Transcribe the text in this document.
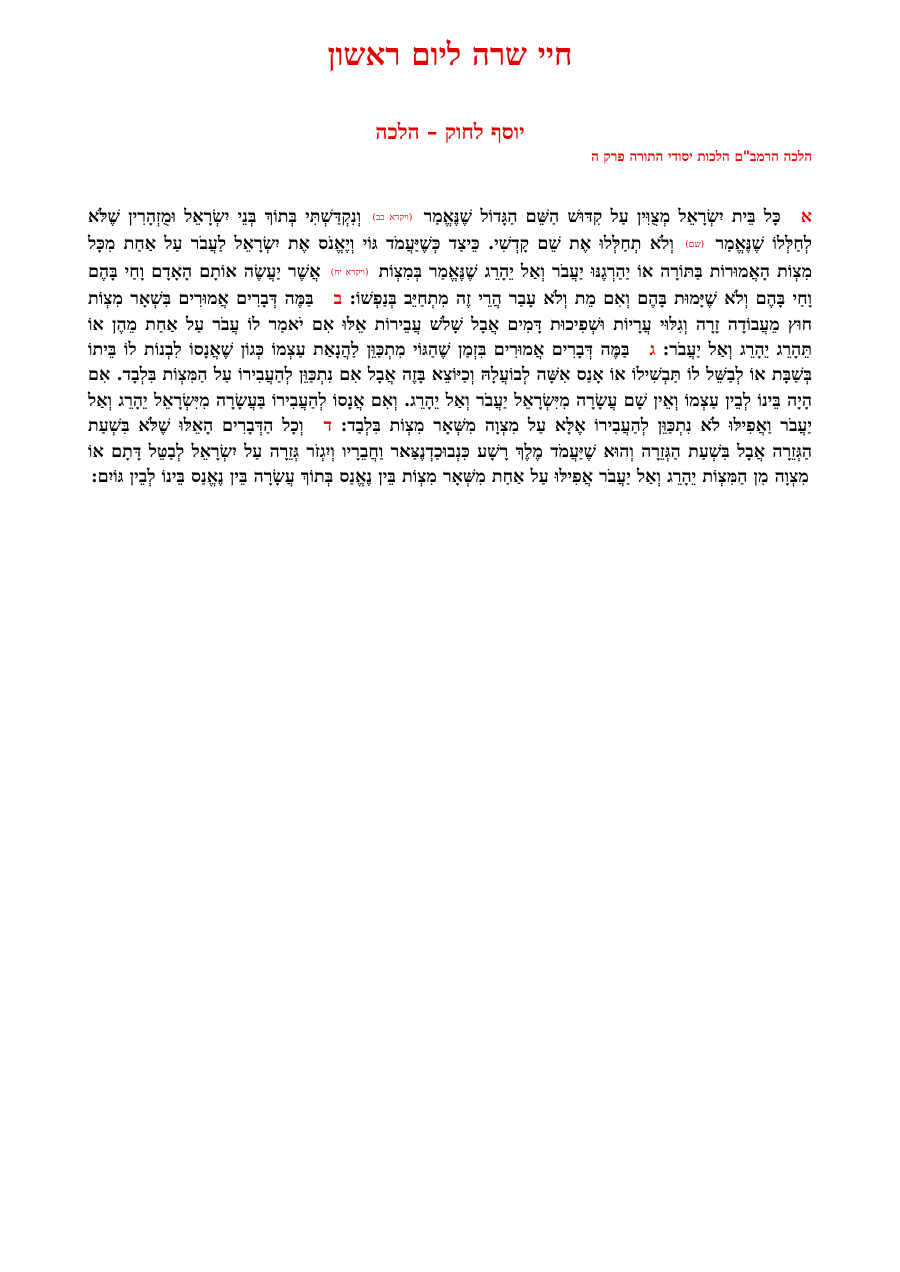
חיי שרה ליום ראשון
יוסף לחוק – הלכה
הלכה הרמב"ם הלכות יסודי התורה פרק ה
אכָּל בֵּית יִשְׂרָאֵל מְצֻוִּין עַל קִדּוּשׁ הַשֵּׁם הַגָּדוֹל שֶׁנֶּאֱמַר (ויקרא כב) וְנִקְדַּשְׁתִּי בְּתוֹךְ בְּנֵי יִשְׂרָאֵל וּמֻזְהָרִין שֶׁלֹּא לְחַלְּלוֹ שֶׁנֶּאֱמַר (שם) וְלֹא תְחַלְּלוּ אֶת שֵׁם קָדְשִׁי. כֵּיצַד כְּשֶׁיַּעֲמֹד גּוֹי וְיֶאֱנֹס אֶת יִשְׂרָאֵל לַעֲבֹר עַל אַחַת מִכָּל מִצְוֹת הָאֲמוּרוֹת בַּתּוֹרָה אוֹ יַהַרְגֶנּוּ יַעֲבֹר וְאַל יֵהָרֵג שֶׁנֶּאֱמַר בְּמִצְוֹת (ויקרא יח) אֲשֶׁר יַעֲשֶׂה אוֹתָם הָאָדָם וָחַי בָּהֶם וָחַי בָּהֶם וְלֹא שֶׁיָּמוּת בָּהֶם וְאִם מֵת וְלֹא עָבַר הֲרֵי זֶה מִתְחַיֵּב בְּנַפְשׁוֹ: בבַּמֶּה דְּבָרִים אֲמוּרִים בִּשְׁאָר מִצְוֹת חוּץ מֵעֲבוֹדָה זָרָה וְגִלּוּי עֲרָיוֹת וּשְׁפִיכוּת דָּמִים אֲבָל שָׁלֹשׁ עֲבֵירוֹת אֵלּוּ אִם יֹאמַר לוֹ עֲבֹר עַל אַחַת מֵהֶן אוֹ תֵּהָרֵג יֵהָרֵג וְאַל יַעֲבֹר: גבַּמֶּה דְּבָרִים אֲמוּרִים בִּזְמַן שֶׁהַגּוֹי מִתְכַּוֵּן לַהֲנָאַת עַצְמוֹ כְּגוֹן שֶׁאֲנָסוֹ לִבְנוֹת לוֹ בֵּיתוֹ בְּשַׁבָּת אוֹ לְבַשֵּׁל לוֹ תַּבְשִׁילוֹ אוֹ אָנַס אִשָּׁה לְבוֹעֲלָהּ וְכַיּוֹצֵא בָּזֶה אֲבָל אִם נִתְכַּוֵּן לְהַעֲבִירוֹ עַל הַמִּצְוֹת בִּלְבָד. אִם הָיָה בֵּינוֹ לְבֵין עַצְמוֹ וְאֵין שָׁם עֲשָׂרָה מִיִּשְׂרָאֵל יַעֲבֹר וְאַל יֵהָרֵג. וְאִם אֲנָסוֹ לְהַעֲבִירוֹ בַּעֲשָׂרָה מִיִּשְׂרָאֵל יֵהָרֵג וְאַל יַעֲבֹר וַאֲפִילּוּ לֹא נִתְכַּוֵּן לְהַעֲבִירוֹ אֶלָּא עַל מִצְוָה מִשְּׁאָר מִצְוֹת בִּלְבַד: דוְכָל הַדְּבָרִים הָאֵלּוּ שֶׁלֹּא בִּשְׁעַת הַגְּזֵרָה אֲבָל בִּשְׁעַת הַגְּזֵרָה וְהוּא שֶׁיַּעֲמֹד מֶלֶךְ רָשָׁע כִּנְבוּכַדְנֶצַּאר וַחֲבֵרָיו וְיִגְזֹר גְּזֵרָה עַל יִשְׂרָאֵל לְבַטֵּל דָּתָם אוֹ מִצְוָה מִן הַמִּצְוֹת יֵהָרֵג וְאַל יַעֲבֹר אֲפִילּוּ עַל אַחַת מִשְּׁאָר מִצְוֹת בֵּין נֶאֱנַס בְּתוֹךְ עֲשָׂרָה בֵּין נֶאֱנַס בֵּינוֹ לְבֵין גּוֹיִם:
